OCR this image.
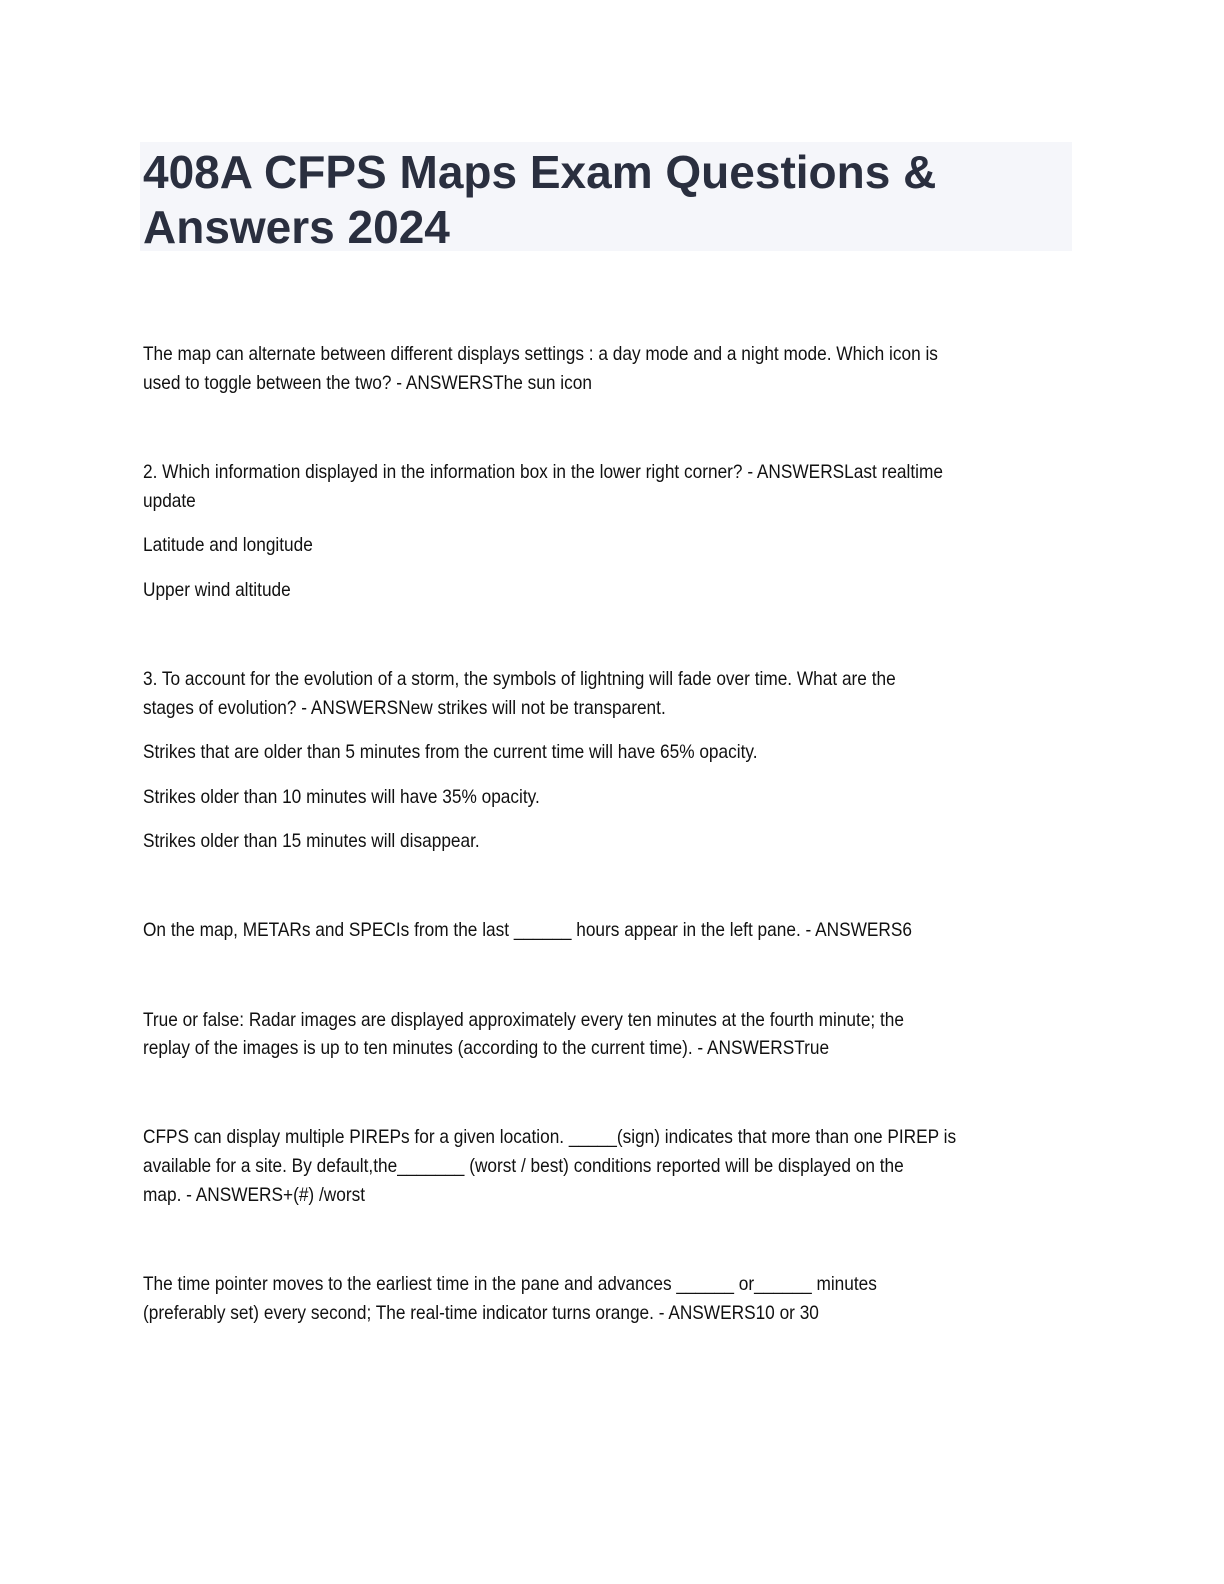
408A CFPS Maps Exam Questions &
Answers 2024
The map can alternate between different displays settings : a day mode and a night mode. Which icon is
used to toggle between the two? - ANSWERSThe sun icon
2. Which information displayed in the information box in the lower right corner? - ANSWERSLast realtime
update
Latitude and longitude
Upper wind altitude
3. To account for the evolution of a storm, the symbols of lightning will fade over time. What are the
stages of evolution? - ANSWERSNew strikes will not be transparent.
Strikes that are older than 5 minutes from the current time will have 65% opacity.
Strikes older than 10 minutes will have 35% opacity.
Strikes older than 15 minutes will disappear.
On the map, METARs and SPECIs from the last ______ hours appear in the left pane. - ANSWERS6
True or false: Radar images are displayed approximately every ten minutes at the fourth minute; the
replay of the images is up to ten minutes (according to the current time). - ANSWERSTrue
CFPS can display multiple PIREPs for a given location. _____(sign) indicates that more than one PIREP is
available for a site. By default,the_______ (worst / best) conditions reported will be displayed on the
map. - ANSWERS+(#) /worst
The time pointer moves to the earliest time in the pane and advances ______ or______ minutes
(preferably set) every second; The real-time indicator turns orange. - ANSWERS10 or 30
